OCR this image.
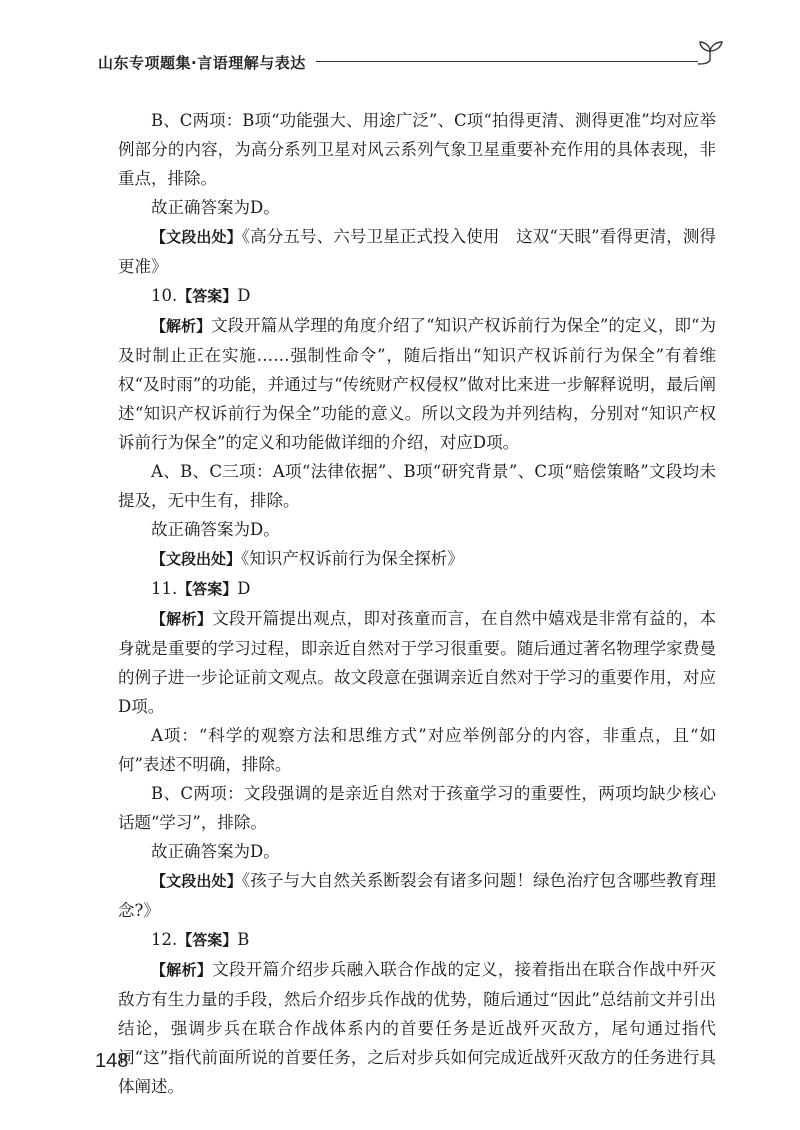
山东专项题集·言语理解与表达

B、C两项：B项“功能强大、用途广泛”、C项“拍得更清、测得更准”均对应举例部分的内容，为高分系列卫星对风云系列气象卫星重要补充作用的具体表现，非重点，排除。

故正确答案为D。

【文段出处】《高分五号、六号卫星正式投入使用　这双“天眼”看得更清，测得更准》

10.【答案】D

【解析】文段开篇从学理的角度介绍了“知识产权诉前行为保全”的定义，即“为及时制止正在实施……强制性命令”，随后指出“知识产权诉前行为保全”有着维权“及时雨”的功能，并通过与“传统财产权侵权”做对比来进一步解释说明，最后阐述“知识产权诉前行为保全”功能的意义。所以文段为并列结构，分别对“知识产权诉前行为保全”的定义和功能做详细的介绍，对应D项。

A、B、C三项：A项“法律依据”、B项“研究背景”、C项“赔偿策略”文段均未提及，无中生有，排除。

故正确答案为D。

【文段出处】《知识产权诉前行为保全探析》

11.【答案】D

【解析】文段开篇提出观点，即对孩童而言，在自然中嬉戏是非常有益的，本身就是重要的学习过程，即亲近自然对于学习很重要。随后通过著名物理学家费曼的例子进一步论证前文观点。故文段意在强调亲近自然对于学习的重要作用，对应D项。

A项：“科学的观察方法和思维方式”对应举例部分的内容，非重点，且“如何”表述不明确，排除。

B、C两项：文段强调的是亲近自然对于孩童学习的重要性，两项均缺少核心话题“学习”，排除。

故正确答案为D。

【文段出处】《孩子与大自然关系断裂会有诸多问题！绿色治疗包含哪些教育理念?》

12.【答案】B

【解析】文段开篇介绍步兵融入联合作战的定义，接着指出在联合作战中歼灭敌方有生力量的手段，然后介绍步兵作战的优势，随后通过“因此”总结前文并引出结论，强调步兵在联合作战体系内的首要任务是近战歼灭敌方，尾句通过指代词“这”指代前面所说的首要任务，之后对步兵如何完成近战歼灭敌方的任务进行具体阐述。

148
